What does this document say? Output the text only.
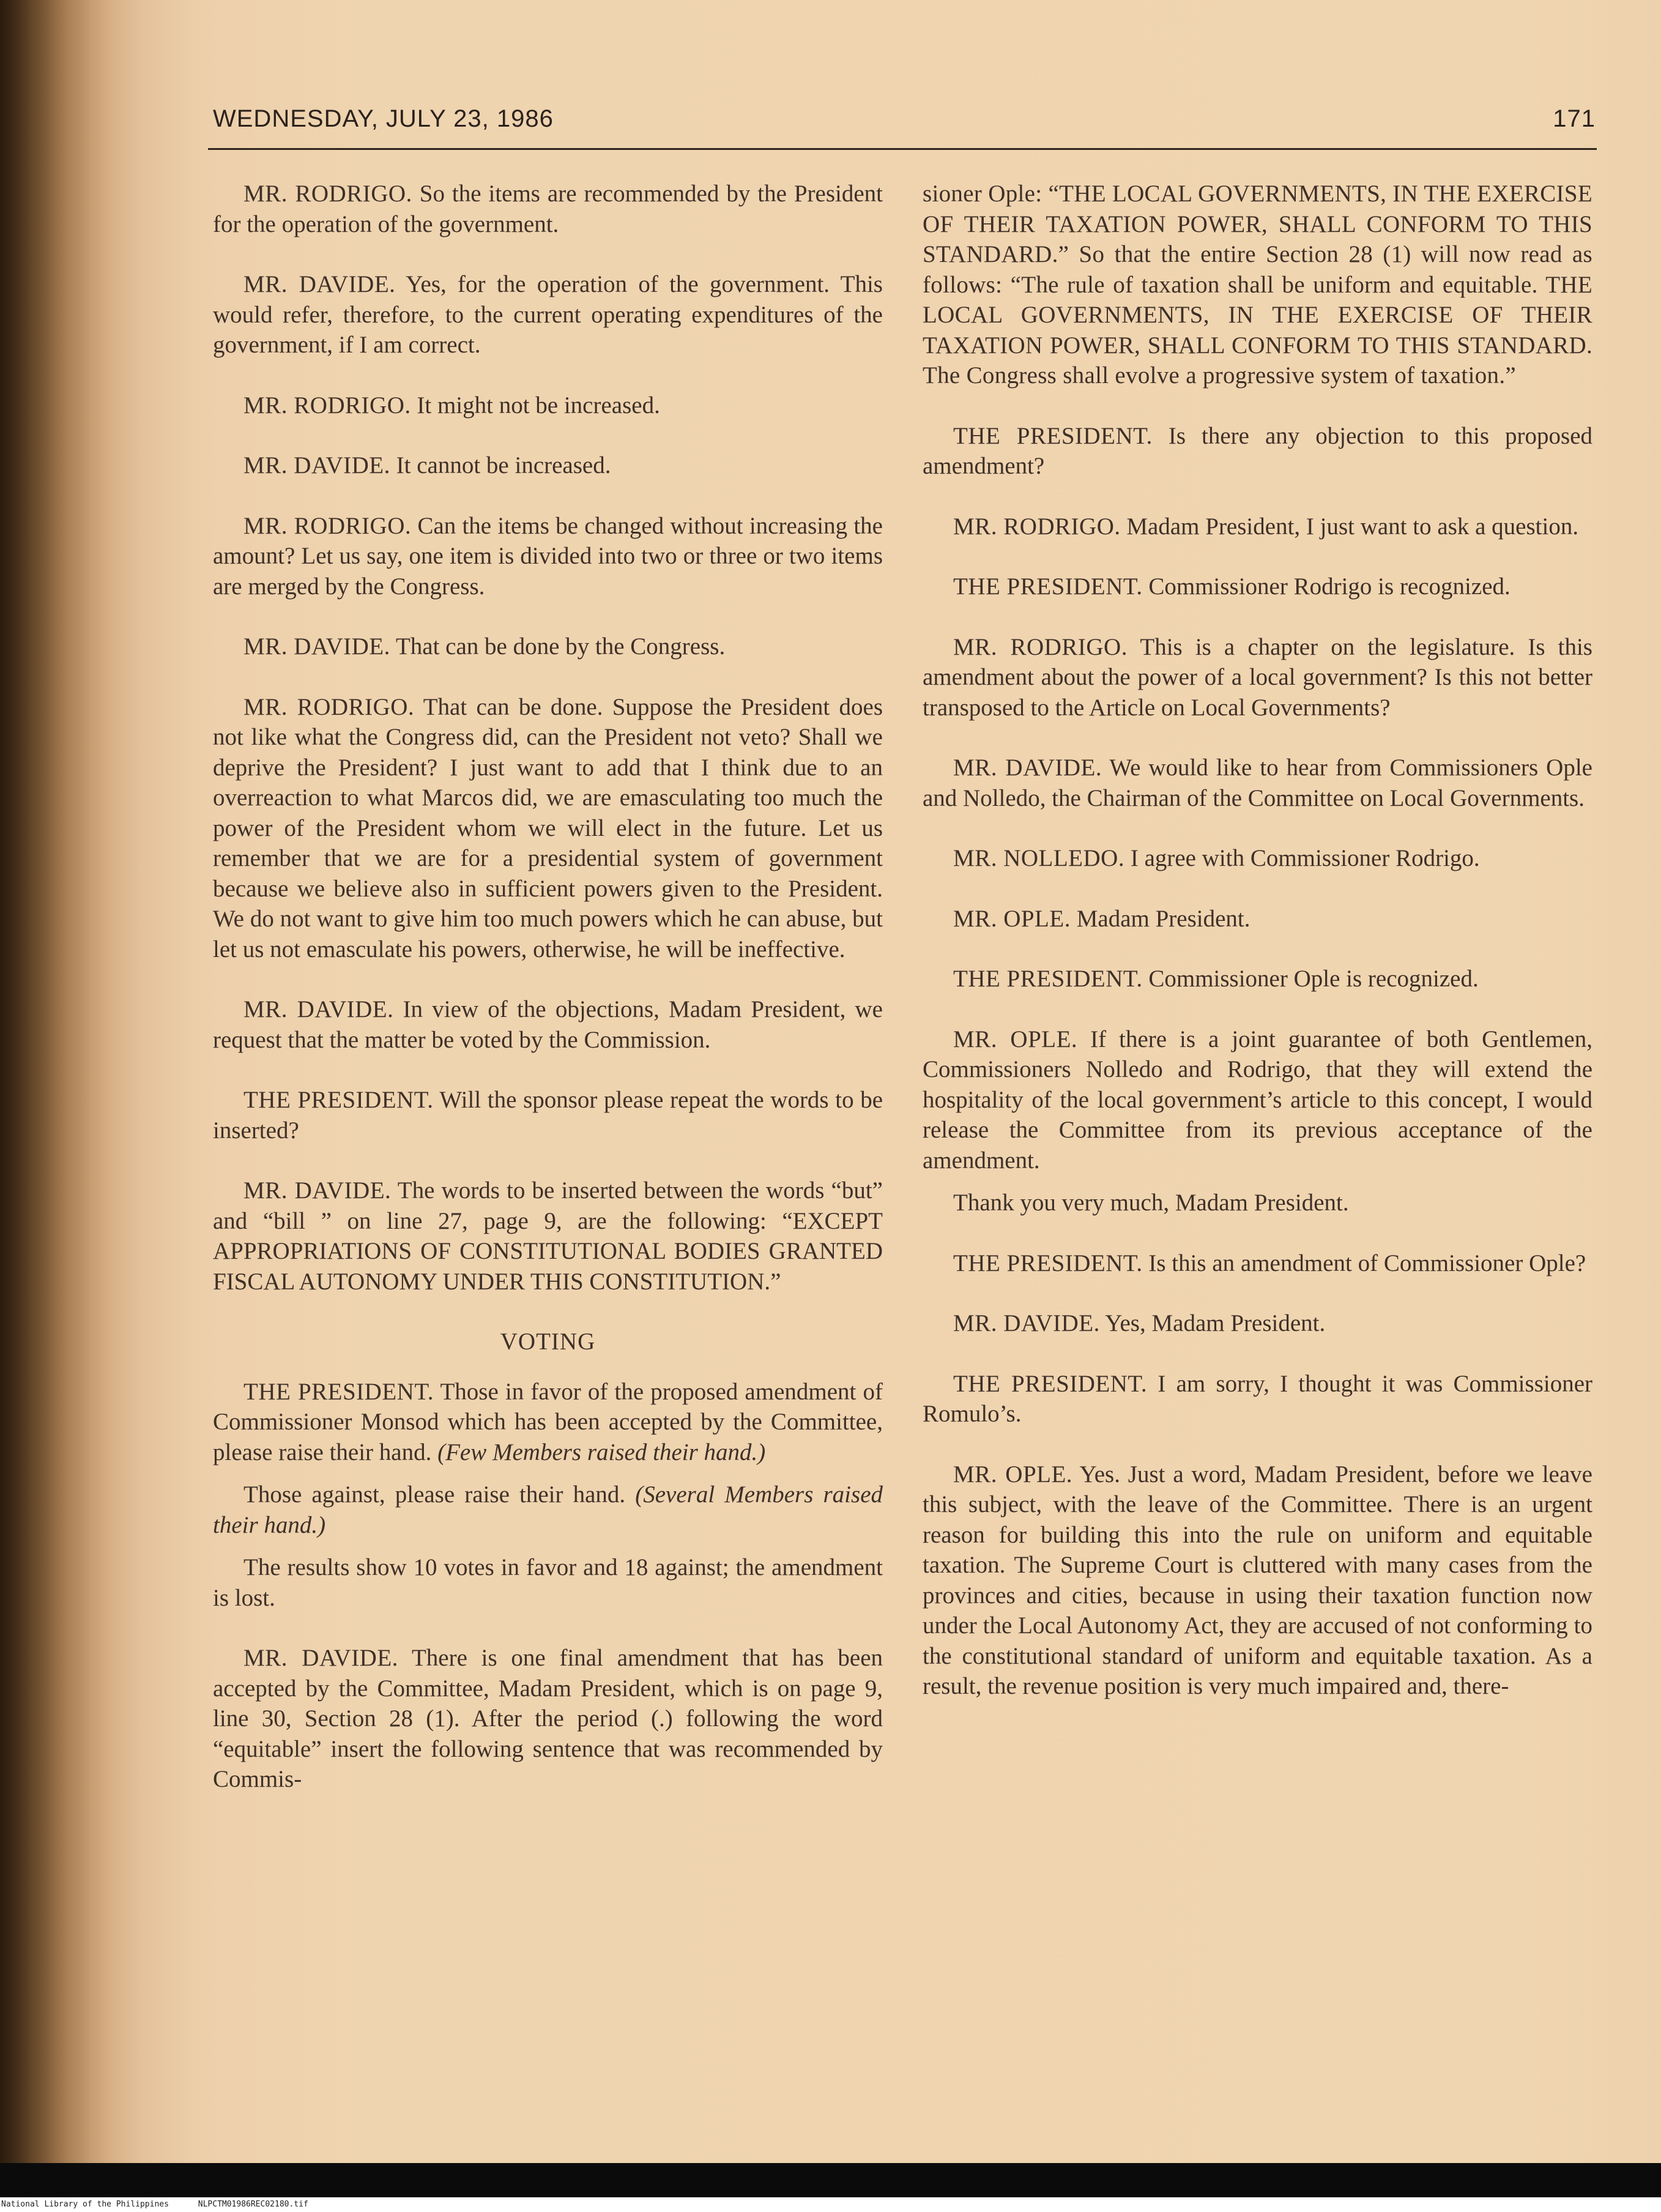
WEDNESDAY, JULY 23, 1986	171

MR. RODRIGO. So the items are recommended by the President for the operation of the government.

MR. DAVIDE. Yes, for the operation of the government. This would refer, therefore, to the current operating expenditures of the government, if I am correct.

MR. RODRIGO. It might not be increased.

MR. DAVIDE. It cannot be increased.

MR. RODRIGO. Can the items be changed without increasing the amount? Let us say, one item is divided into two or three or two items are merged by the Congress.

MR. DAVIDE. That can be done by the Congress.

MR. RODRIGO. That can be done. Suppose the President does not like what the Congress did, can the President not veto? Shall we deprive the President? I just want to add that I think due to an overreaction to what Marcos did, we are emasculating too much the power of the President whom we will elect in the future. Let us remember that we are for a presidential system of government because we believe also in sufficient powers given to the President. We do not want to give him too much powers which he can abuse, but let us not emasculate his powers, otherwise, he will be ineffective.

MR. DAVIDE. In view of the objections, Madam President, we request that the matter be voted by the Commission.

THE PRESIDENT. Will the sponsor please repeat the words to be inserted?

MR. DAVIDE. The words to be inserted between the words “but” and “bill ” on line 27, page 9, are the following: “EXCEPT APPROPRIATIONS OF CONSTITUTIONAL BODIES GRANTED FISCAL AUTONOMY UNDER THIS CONSTITUTION.”

VOTING

THE PRESIDENT. Those in favor of the proposed amendment of Commissioner Monsod which has been accepted by the Committee, please raise their hand. (Few Members raised their hand.)

Those against, please raise their hand. (Several Members raised their hand.)

The results show 10 votes in favor and 18 against; the amendment is lost.

MR. DAVIDE. There is one final amendment that has been accepted by the Committee, Madam President, which is on page 9, line 30, Section 28 (1). After the period (.) following the word “equitable” insert the following sentence that was recommended by Commis-

sioner Ople: “THE LOCAL GOVERNMENTS, IN THE EXERCISE OF THEIR TAXATION POWER, SHALL CONFORM TO THIS STANDARD.” So that the entire Section 28 (1) will now read as follows: “The rule of taxation shall be uniform and equitable. THE LOCAL GOVERNMENTS, IN THE EXERCISE OF THEIR TAXATION POWER, SHALL CONFORM TO THIS STANDARD. The Congress shall evolve a progressive system of taxation.”

THE PRESIDENT. Is there any objection to this proposed amendment?

MR. RODRIGO. Madam President, I just want to ask a question.

THE PRESIDENT. Commissioner Rodrigo is recognized.

MR. RODRIGO. This is a chapter on the legislature. Is this amendment about the power of a local government? Is this not better transposed to the Article on Local Governments?

MR. DAVIDE. We would like to hear from Commissioners Ople and Nolledo, the Chairman of the Committee on Local Governments.

MR. NOLLEDO. I agree with Commissioner Rodrigo.

MR. OPLE. Madam President.

THE PRESIDENT. Commissioner Ople is recognized.

MR. OPLE. If there is a joint guarantee of both Gentlemen, Commissioners Nolledo and Rodrigo, that they will extend the hospitality of the local government’s article to this concept, I would release the Committee from its previous acceptance of the amendment.

Thank you very much, Madam President.

THE PRESIDENT. Is this an amendment of Commissioner Ople?

MR. DAVIDE. Yes, Madam President.

THE PRESIDENT. I am sorry, I thought it was Commissioner Romulo’s.

MR. OPLE. Yes. Just a word, Madam President, before we leave this subject, with the leave of the Committee. There is an urgent reason for building this into the rule on uniform and equitable taxation. The Supreme Court is cluttered with many cases from the provinces and cities, because in using their taxation function now under the Local Autonomy Act, they are accused of not conforming to the constitutional standard of uniform and equitable taxation. As a result, the revenue position is very much impaired and, there-

National Library of the Philippines	NLPCTM01986REC02180.tif
